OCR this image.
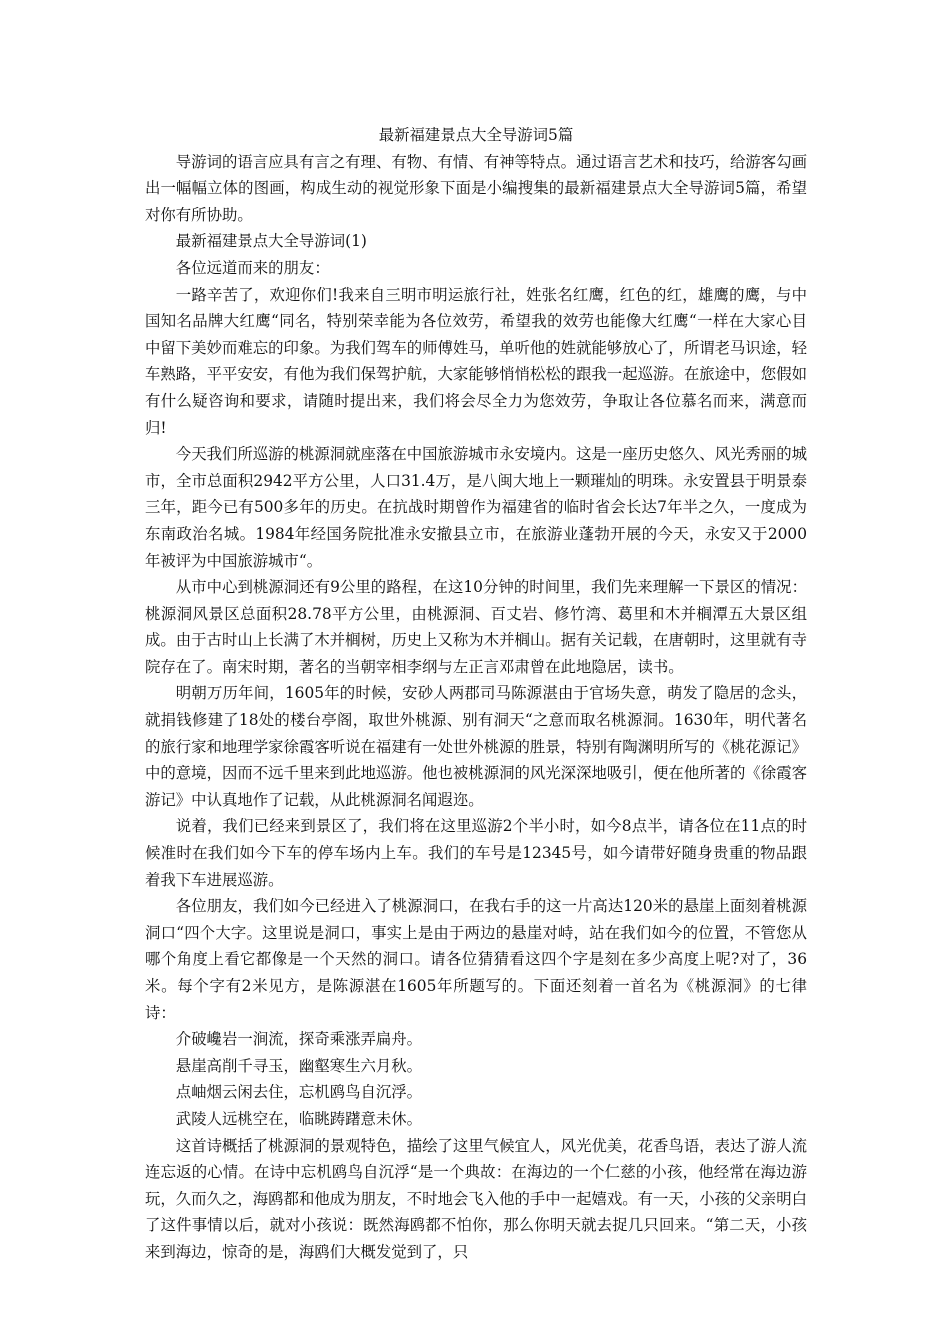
最新福建景点大全导游词5篇

导游词的语言应具有言之有理、有物、有情、有神等特点。通过语言艺术和技巧，给游客勾画出一幅幅立体的图画，构成生动的视觉形象下面是小编搜集的最新福建景点大全导游词5篇，希望对你有所协助。

最新福建景点大全导游词(1)

各位远道而来的朋友：

一路辛苦了，欢迎你们!我来自三明市明运旅行社，姓张名红鹰，红色的红，雄鹰的鹰，与中国知名品牌大红鹰“同名，特别荣幸能为各位效劳，希望我的效劳也能像大红鹰“一样在大家心目中留下美妙而难忘的印象。为我们驾车的师傅姓马，单听他的姓就能够放心了，所谓老马识途，轻车熟路，平平安安，有他为我们保驾护航，大家能够悄悄松松的跟我一起巡游。在旅途中，您假如有什么疑咨询和要求，请随时提出来，我们将会尽全力为您效劳，争取让各位慕名而来，满意而归!

今天我们所巡游的桃源洞就座落在中国旅游城市永安境内。这是一座历史悠久、风光秀丽的城市，全市总面积2942平方公里，人口31.4万，是八闽大地上一颗璀灿的明珠。永安置县于明景泰三年，距今已有500多年的历史。在抗战时期曾作为福建省的临时省会长达7年半之久，一度成为东南政治名城。1984年经国务院批准永安撤县立市，在旅游业蓬勃开展的今天，永安又于2000年被评为中国旅游城市“。

从市中心到桃源洞还有9公里的路程，在这10分钟的时间里，我们先来理解一下景区的情况：桃源洞风景区总面积28.78平方公里，由桃源洞、百丈岩、修竹湾、葛里和木并榈潭五大景区组成。由于古时山上长满了木并榈树，历史上又称为木并榈山。据有关记载，在唐朝时，这里就有寺院存在了。南宋时期，著名的当朝宰相李纲与左正言邓肃曾在此地隐居，读书。

明朝万历年间，1605年的时候，安砂人两郡司马陈源湛由于官场失意，萌发了隐居的念头，就捐钱修建了18处的楼台亭阁，取世外桃源、别有洞天“之意而取名桃源洞。1630年，明代著名的旅行家和地理学家徐霞客听说在福建有一处世外桃源的胜景，特别有陶渊明所写的《桃花源记》中的意境，因而不远千里来到此地巡游。他也被桃源洞的风光深深地吸引，便在他所著的《徐霞客游记》中认真地作了记载，从此桃源洞名闻遐迩。

说着，我们已经来到景区了，我们将在这里巡游2个半小时，如今8点半，请各位在11点的时候准时在我们如今下车的停车场内上车。我们的车号是12345号，如今请带好随身贵重的物品跟着我下车进展巡游。

各位朋友，我们如今已经进入了桃源洞口，在我右手的这一片高达120米的悬崖上面刻着桃源洞口“四个大字。这里说是洞口，事实上是由于两边的悬崖对峙，站在我们如今的位置，不管您从哪个角度上看它都像是一个天然的洞口。请各位猜猜看这四个字是刻在多少高度上呢?对了，36米。每个字有2米见方，是陈源湛在1605年所题写的。下面还刻着一首名为《桃源洞》的七律诗：

介破巉岩一涧流，探奇乘涨弄扁舟。

悬崖高削千寻玉，幽壑寒生六月秋。

点岫烟云闲去住，忘机鸥鸟自沉浮。

武陵人远桃空在，临眺踌躇意未休。

这首诗概括了桃源洞的景观特色，描绘了这里气候宜人，风光优美，花香鸟语，表达了游人流连忘返的心情。在诗中忘机鸥鸟自沉浮“是一个典故：在海边的一个仁慈的小孩，他经常在海边游玩，久而久之，海鸥都和他成为朋友，不时地会飞入他的手中一起嬉戏。有一天，小孩的父亲明白了这件事情以后，就对小孩说：既然海鸥都不怕你，那么你明天就去捉几只回来。“第二天，小孩来到海边，惊奇的是，海鸥们大概发觉到了，只
